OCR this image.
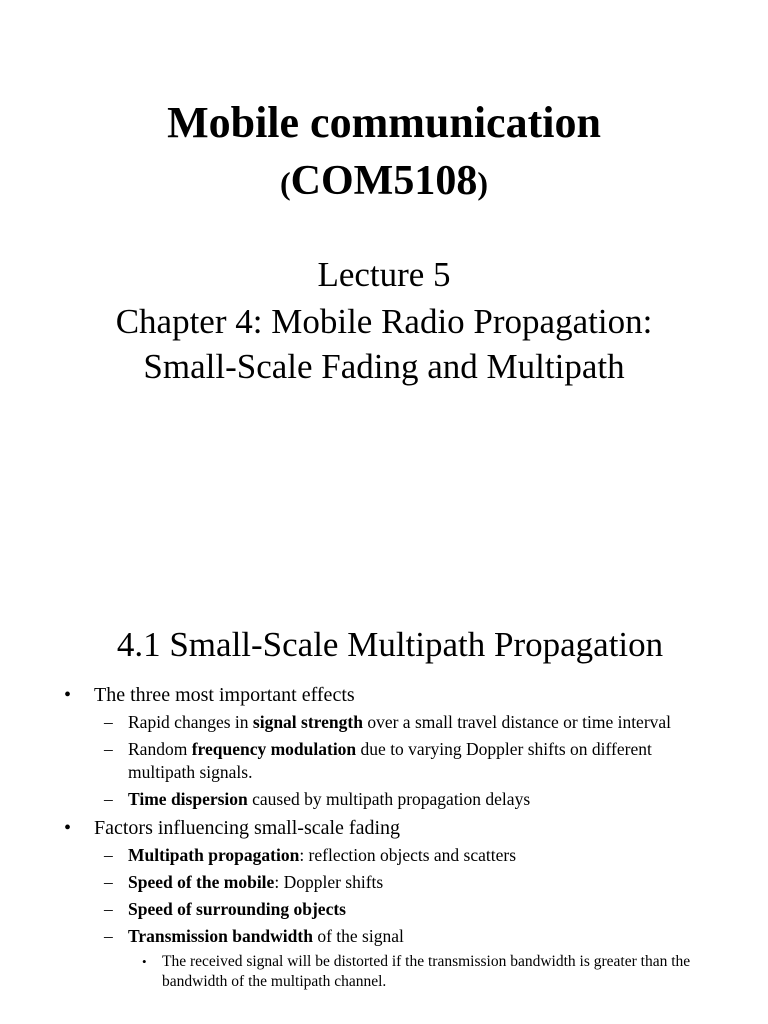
Mobile communication
(COM5108)
Lecture 5
Chapter 4: Mobile Radio Propagation:
Small-Scale Fading and Multipath
4.1 Small-Scale Multipath Propagation
• The three most important effects
– Rapid changes in signal strength over a small travel distance or time interval
– Random frequency modulation due to varying Doppler shifts on different multipath signals.
– Time dispersion caused by multipath propagation delays
• Factors influencing small-scale fading
– Multipath propagation: reflection objects and scatters
– Speed of the mobile: Doppler shifts
– Speed of surrounding objects
– Transmission bandwidth of the signal
• The received signal will be distorted if the transmission bandwidth is greater than the bandwidth of the multipath channel.
